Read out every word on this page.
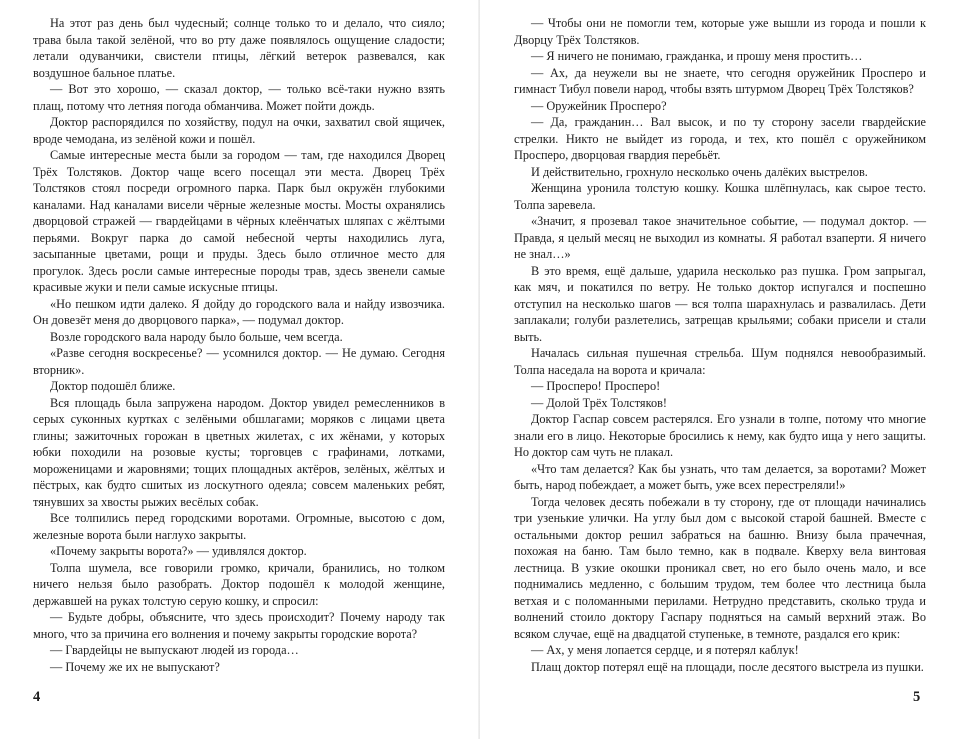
На этот раз день был чудесный; солнце только то и делало, что сияло; трава была такой зелёной, что во рту даже появлялось ощущение сладости; летали одуванчики, свистели птицы, лёгкий ветерок развевался, как воздушное бальное платье.

— Вот это хорошо, — сказал доктор, — только всё-таки нужно взять плащ, потому что летняя погода обманчива. Может пойти дождь.

Доктор распорядился по хозяйству, подул на очки, захватил свой ящичек, вроде чемодана, из зелёной кожи и пошёл.

Самые интересные места были за городом — там, где находился Дворец Трёх Толстяков. Доктор чаще всего посещал эти места. Дворец Трёх Толстяков стоял посреди огромного парка. Парк был окружён глубокими каналами. Над каналами висели чёрные железные мосты. Мосты охранялись дворцовой стражей — гвардейцами в чёрных клеёнчатых шляпах с жёлтыми перьями. Вокруг парка до самой небесной черты находились луга, засыпанные цветами, рощи и пруды. Здесь было отличное место для прогулок. Здесь росли самые интересные породы трав, здесь звенели самые красивые жуки и пели самые искусные птицы.

«Но пешком идти далеко. Я дойду до городского вала и найду извозчика. Он довезёт меня до дворцового парка», — подумал доктор.

Возле городского вала народу было больше, чем всегда.

«Разве сегодня воскресенье? — усомнился доктор. — Не думаю. Сегодня вторник».

Доктор подошёл ближе.

Вся площадь была запружена народом. Доктор увидел ремесленников в серых суконных куртках с зелёными обшлагами; моряков с лицами цвета глины; зажиточных горожан в цветных жилетах, с их жёнами, у которых юбки походили на розовые кусты; торговцев с графинами, лотками, мороженицами и жаровнями; тощих площадных актёров, зелёных, жёлтых и пёстрых, как будто сшитых из лоскутного одеяла; совсем маленьких ребят, тянувших за хвосты рыжих весёлых собак.

Все толпились перед городскими воротами. Огромные, высотою с дом, железные ворота были наглухо закрыты.

«Почему закрыты ворота?» — удивлялся доктор.

Толпа шумела, все говорили громко, кричали, бранились, но толком ничего нельзя было разобрать. Доктор подошёл к молодой женщине, державшей на руках толстую серую кошку, и спросил:

— Будьте добры, объясните, что здесь происходит? Почему народу так много, что за причина его волнения и почему закрыты городские ворота?

— Гвардейцы не выпускают людей из города…

— Почему же их не выпускают?

4

— Чтобы они не помогли тем, которые уже вышли из города и пошли к Дворцу Трёх Толстяков.

— Я ничего не понимаю, гражданка, и прошу меня простить…

— Ах, да неужели вы не знаете, что сегодня оружейник Просперо и гимнаст Тибул повели народ, чтобы взять штурмом Дворец Трёх Толстяков?

— Оружейник Просперо?

— Да, гражданин… Вал высок, и по ту сторону засели гвардейские стрелки. Никто не выйдет из города, и тех, кто пошёл с оружейником Просперо, дворцовая гвардия перебьёт.

И действительно, грохнуло несколько очень далёких выстрелов.

Женщина уронила толстую кошку. Кошка шлёпнулась, как сырое тесто. Толпа заревела.

«Значит, я прозевал такое значительное событие, — подумал доктор. — Правда, я целый месяц не выходил из комнаты. Я работал взаперти. Я ничего не знал…»

В это время, ещё дальше, ударила несколько раз пушка. Гром запрыгал, как мяч, и покатился по ветру. Не только доктор испугался и поспешно отступил на несколько шагов — вся толпа шарахнулась и развалилась. Дети заплакали; голуби разлетелись, затрещав крыльями; собаки присели и стали выть.

Началась сильная пушечная стрельба. Шум поднялся невообразимый. Толпа наседала на ворота и кричала:

— Просперо! Просперо!

— Долой Трёх Толстяков!

Доктор Гаспар совсем растерялся. Его узнали в толпе, потому что многие знали его в лицо. Некоторые бросились к нему, как будто ища у него защиты. Но доктор сам чуть не плакал.

«Что там делается? Как бы узнать, что там делается, за воротами? Может быть, народ побеждает, а может быть, уже всех перестреляли!»

Тогда человек десять побежали в ту сторону, где от площади начинались три узенькие улички. На углу был дом с высокой старой башней. Вместе с остальными доктор решил забраться на башню. Внизу была прачечная, похожая на баню. Там было темно, как в подвале. Кверху вела винтовая лестница. В узкие окошки проникал свет, но его было очень мало, и все поднимались медленно, с большим трудом, тем более что лестница была ветхая и с поломанными перилами. Нетрудно представить, сколько труда и волнений стоило доктору Гаспару подняться на самый верхний этаж. Во всяком случае, ещё на двадцатой ступеньке, в темноте, раздался его крик:

— Ах, у меня лопается сердце, и я потерял каблук!

Плащ доктор потерял ещё на площади, после десятого выстрела из пушки.

5
